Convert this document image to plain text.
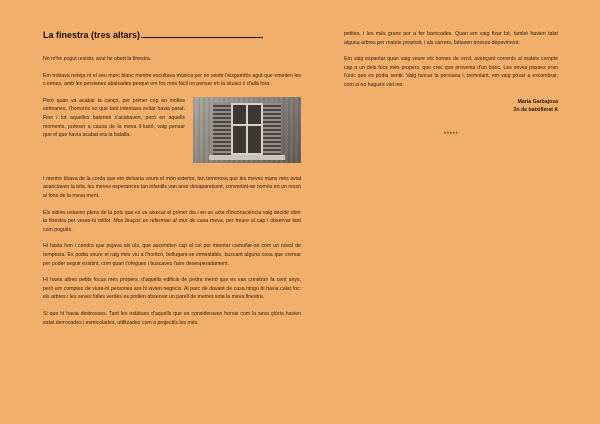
La finestra (tres altars)

No m'he pogut resistir, avui he obert la finestra.

Em trobava neteja nt el seu marc blanc mentre escoltava música per no sentir l'eixgamfós agut que emetien les s irenes, amb les persianes abaixades perquè em fos més fàcil no pensar en la situaci ó d'allà fora.

Però quan va acabar la cançó, per primer cop en moltes setmanes, l'horroròs so que tant intentava evitar havia parat. Fins i tot aquelles bateries s'acabaven, però en aquells moments, poteser a causa de la meva il·lusió, vaig pensar que el que havia acabat era la batalla.

I mentre tibava de la corda que em deixaria veure el món exterior, tan temorosa que les meves mans més avial acariciaven la tela, les meves esperances tan infantils van anar desapareixent, convertint-se només en un ressò al fons de la meva ment.

Els vidres estaven plens de la pols que es va aixecar el primer dia i en un acte d'inconsciència vaig decidir obrir la finestra per veure-hi millor. Mos braços es referman al mur de casa meva, per treure el cap i observar tant com pogués.

Hi havia fum i cendra que pujava als uls, que ascendien cap al cel per intentar camuflar-se com un núvol de tempesta. Es podia veure el raig més viu a l'horitzó, bellugant-se inmestable, buscant alguna cosa que cremar per poder seguir existint, com quan t'ofegues i buscaves l'aire desesperadament.

Hi havia altres petits focus més propers, d'aquells edificis de pedra menó que es van construir fa cent anys, però em comptes de viure-hi persones ara hi vivien negocis. Al parc de davant de casa ningú hi havia calat foc: els arbres i les seves fulles verdes es podien observar un parell de metres sota la meva finestra.

Si que hi havia destrosses. Tant les estàtues d'aquells que es consideraven herois com la seva glòria havien estat derrocades i esmicolades, utilitzades com a projectils les més

petites, i les més grans per a fer barricades. Quan em vaig fixar bé, també havien talat alguna arbres per mateix propòsit, i als carrers, faltaven trossos depaviment.

Em vaig espantar quan vaig veure els homes de verd, avançant corrents al mateix compte cap a un dels focs més propers, que crec que provenia d'un banc. Les seves passes eran l'únic que es podia sentir. Vaig tancar la persiana i, tremolant, em vaig posar a escombrar, com si no hagués vist res.

Maria Garbajosa

2n de batxillerat A

*****
